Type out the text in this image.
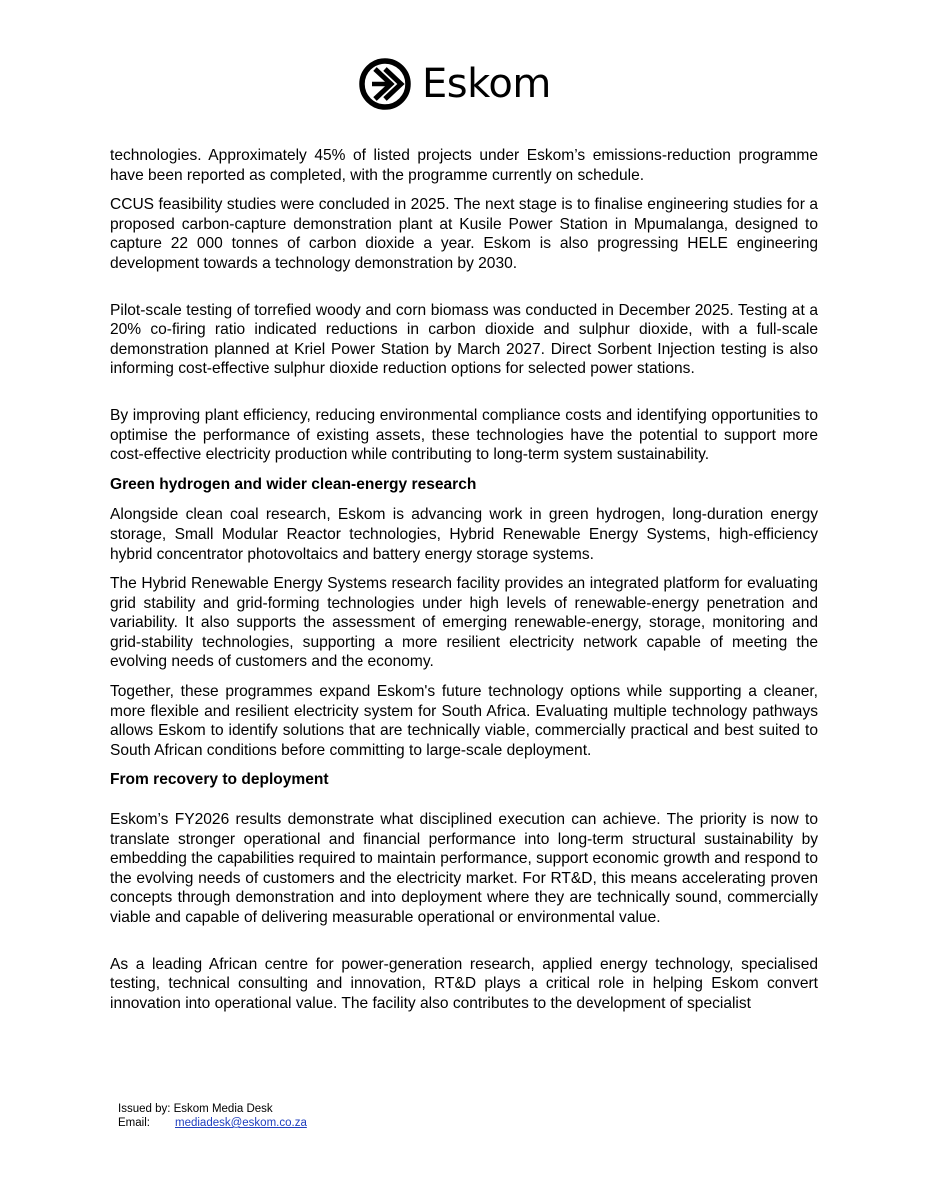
Eskom

technologies. Approximately 45% of listed projects under Eskom’s emissions-reduction programme have been reported as completed, with the programme currently on schedule.

CCUS feasibility studies were concluded in 2025. The next stage is to finalise engineering studies for a proposed carbon-capture demonstration plant at Kusile Power Station in Mpumalanga, designed to capture 22 000 tonnes of carbon dioxide a year. Eskom is also progressing HELE engineering development towards a technology demonstration by 2030.

Pilot-scale testing of torrefied woody and corn biomass was conducted in December 2025. Testing at a 20% co-firing ratio indicated reductions in carbon dioxide and sulphur dioxide, with a full-scale demonstration planned at Kriel Power Station by March 2027. Direct Sorbent Injection testing is also informing cost-effective sulphur dioxide reduction options for selected power stations.

By improving plant efficiency, reducing environmental compliance costs and identifying opportunities to optimise the performance of existing assets, these technologies have the potential to support more cost-effective electricity production while contributing to long-term system sustainability.

Green hydrogen and wider clean-energy research

Alongside clean coal research, Eskom is advancing work in green hydrogen, long-duration energy storage, Small Modular Reactor technologies, Hybrid Renewable Energy Systems, high-efficiency hybrid concentrator photovoltaics and battery energy storage systems.

The Hybrid Renewable Energy Systems research facility provides an integrated platform for evaluating grid stability and grid-forming technologies under high levels of renewable-energy penetration and variability. It also supports the assessment of emerging renewable-energy, storage, monitoring and grid-stability technologies, supporting a more resilient electricity network capable of meeting the evolving needs of customers and the economy.

Together, these programmes expand Eskom's future technology options while supporting a cleaner, more flexible and resilient electricity system for South Africa. Evaluating multiple technology pathways allows Eskom to identify solutions that are technically viable, commercially practical and best suited to South African conditions before committing to large-scale deployment.

From recovery to deployment

Eskom’s FY2026 results demonstrate what disciplined execution can achieve. The priority is now to translate stronger operational and financial performance into long-term structural sustainability by embedding the capabilities required to maintain performance, support economic growth and respond to the evolving needs of customers and the electricity market. For RT&D, this means accelerating proven concepts through demonstration and into deployment where they are technically sound, commercially viable and capable of delivering measurable operational or environmental value.

As a leading African centre for power-generation research, applied energy technology, specialised testing, technical consulting and innovation, RT&D plays a critical role in helping Eskom convert innovation into operational value. The facility also contributes to the development of specialist

Issued by: Eskom Media Desk
Email:	mediadesk@eskom.co.za
